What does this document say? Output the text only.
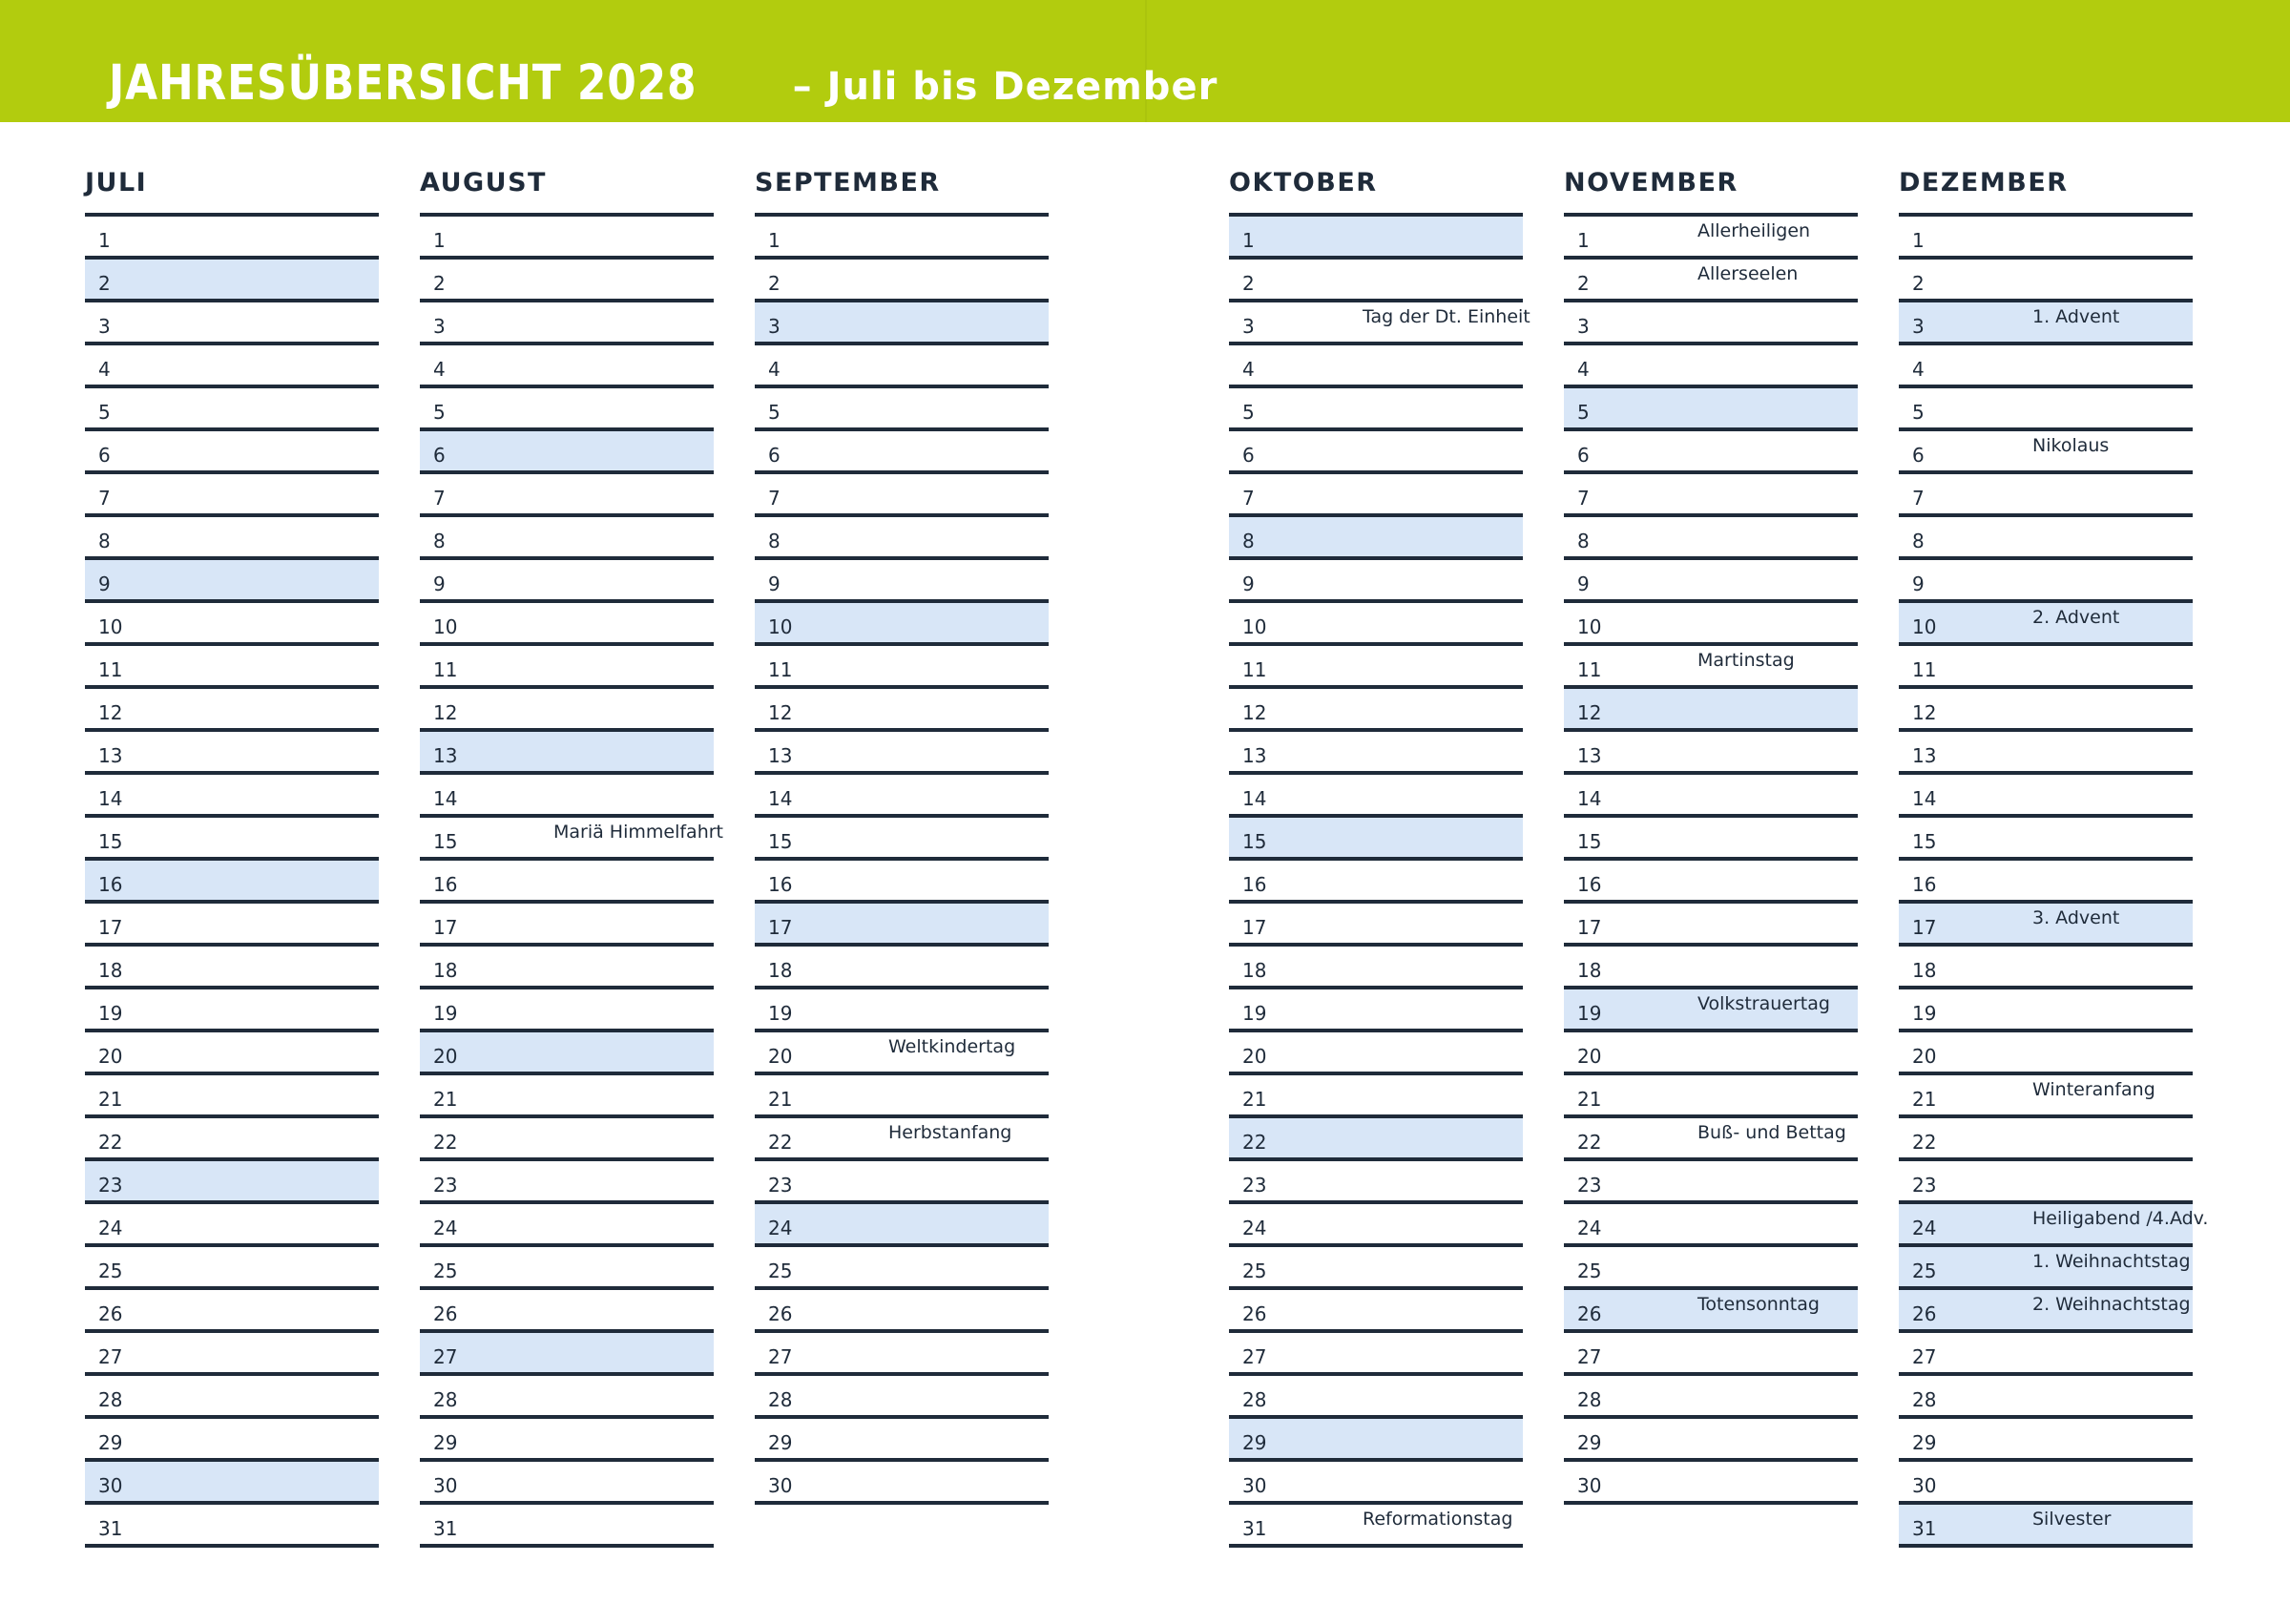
JAHRESÜBERSICHT 2028	– Juli bis Dezember
JULI
1
2
3
4
5
6
7
8
9
10
11
12
13
14
15
16
17
18
19
20
21
22
23
24
25
26
27
28
29
30
31
AUGUST
1
2
3
4
5
6
7
8
9
10
11
12
13
14
15	Mariä Himmelfahrt
16
17
18
19
20
21
22
23
24
25
26
27
28
29
30
31
SEPTEMBER
1
2
3
4
5
6
7
8
9
10
11
12
13
14
15
16
17
18
19
20	Weltkindertag
21
22	Herbstanfang
23
24
25
26
27
28
29
30
OKTOBER
1
2
3	Tag der Dt. Einheit
4
5
6
7
8
9
10
11
12
13
14
15
16
17
18
19
20
21
22
23
24
25
26
27
28
29
30
31	Reformationstag
NOVEMBER
1	Allerheiligen
2	Allerseelen
3
4
5
6
7
8
9
10
11	Martinstag
12
13
14
15
16
17
18
19	Volkstrauertag
20
21
22	Buß- und Bettag
23
24
25
26	Totensonntag
27
28
29
30
DEZEMBER
1
2
3	1. Advent
4
5
6	Nikolaus
7
8
9
10	2. Advent
11
12
13
14
15
16
17	3. Advent
18
19
20
21	Winteranfang
22
23
24	Heiligabend /4.Adv.
25	1. Weihnachtstag
26	2. Weihnachtstag
27
28
29
30
31	Silvester
